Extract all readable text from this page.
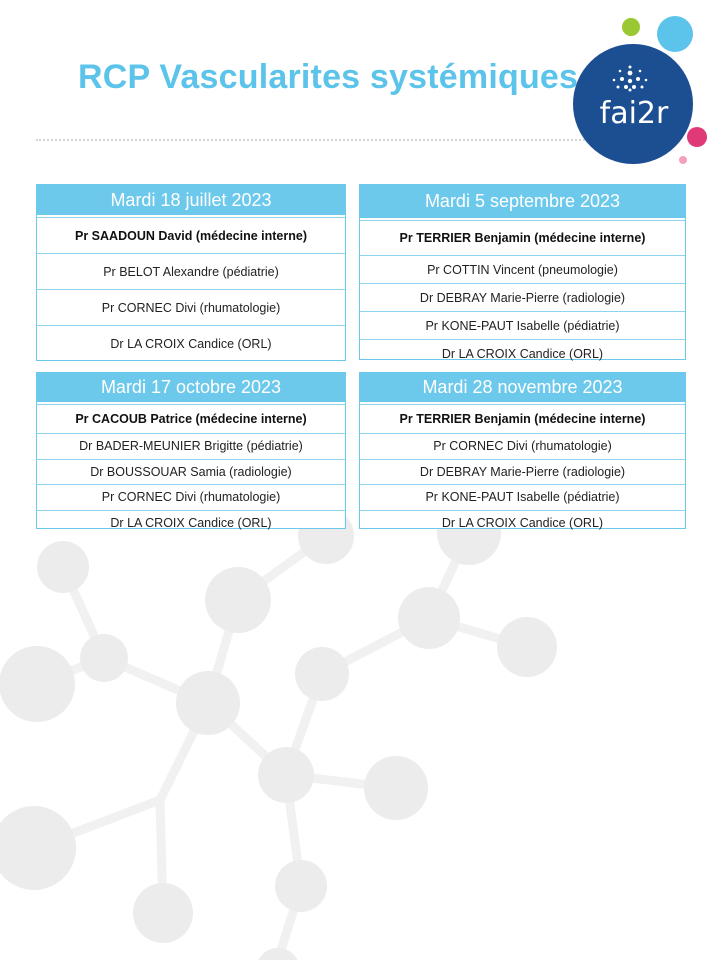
RCP Vascularites systémiques
fai2r
Mardi 18 juillet 2023
Pr SAADOUN David (médecine interne)
Pr BELOT Alexandre (pédiatrie)
Pr CORNEC Divi (rhumatologie)
Dr LA CROIX Candice (ORL)
Mardi 5 septembre 2023
Pr TERRIER Benjamin (médecine interne)
Pr COTTIN Vincent (pneumologie)
Dr DEBRAY Marie-Pierre (radiologie)
Pr KONE-PAUT Isabelle (pédiatrie)
Dr LA CROIX Candice (ORL)
Mardi 17 octobre 2023
Pr CACOUB Patrice (médecine interne)
Dr BADER-MEUNIER Brigitte (pédiatrie)
Dr BOUSSOUAR Samia (radiologie)
Pr CORNEC Divi (rhumatologie)
Dr LA CROIX Candice (ORL)
Mardi 28 novembre 2023
Pr TERRIER Benjamin (médecine interne)
Pr CORNEC Divi (rhumatologie)
Dr DEBRAY Marie-Pierre (radiologie)
Pr KONE-PAUT Isabelle (pédiatrie)
Dr LA CROIX Candice (ORL)
